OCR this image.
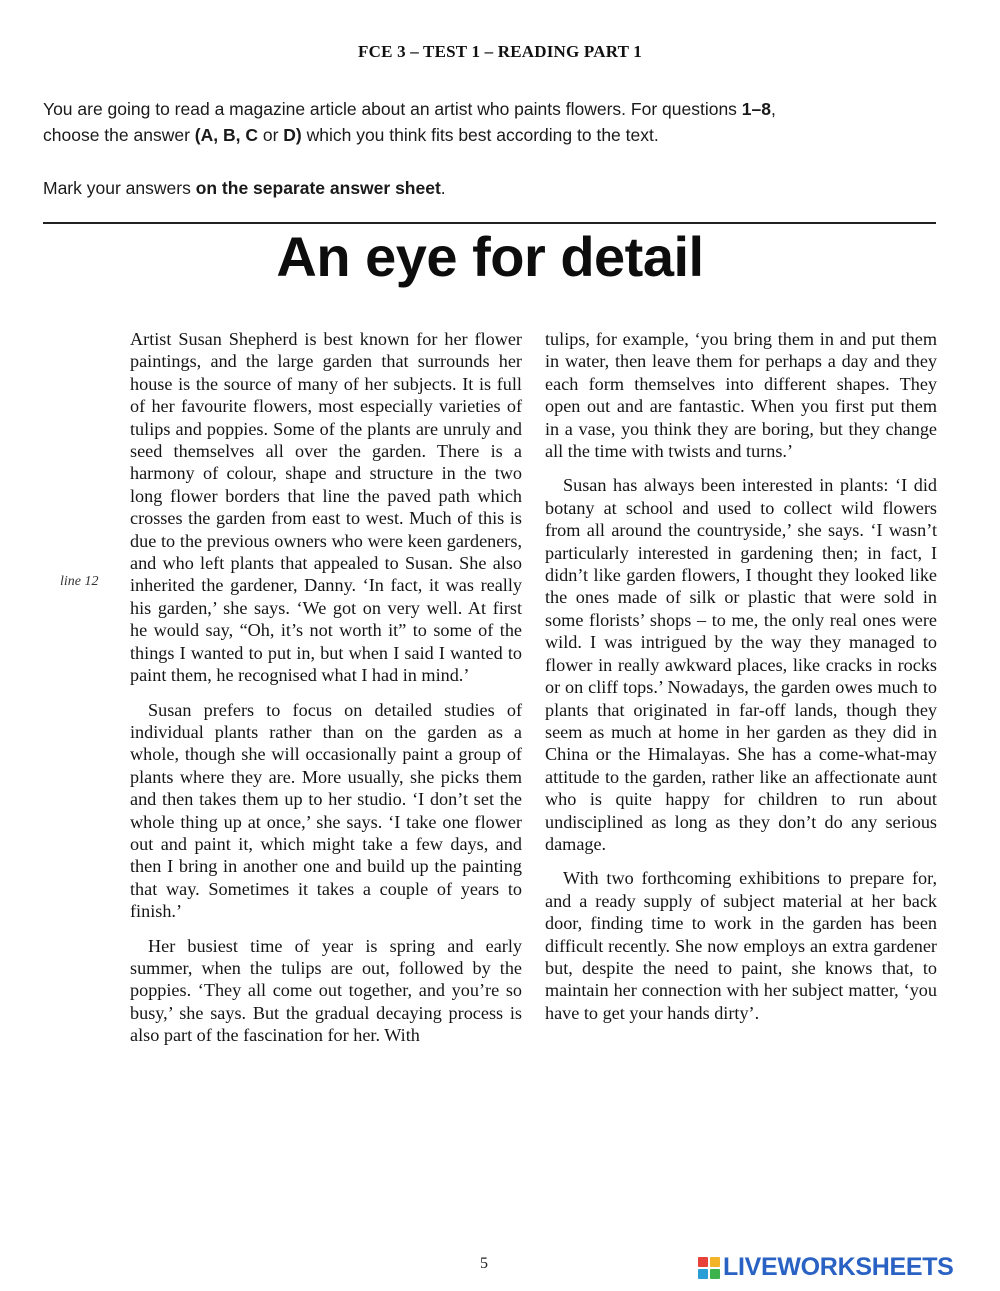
FCE 3 – TEST 1 – READING PART 1
You are going to read a magazine article about an artist who paints flowers. For questions 1–8,
choose the answer (A, B, C or D) which you think fits best according to the text.
Mark your answers on the separate answer sheet.
An eye for detail
line 12

Artist Susan Shepherd is best known for her flower paintings, and the large garden that surrounds her house is the source of many of her subjects. It is full of her favourite flowers, most especially varieties of tulips and poppies. Some of the plants are unruly and seed themselves all over the garden. There is a harmony of colour, shape and structure in the two long flower borders that line the paved path which crosses the garden from east to west. Much of this is due to the previous owners who were keen gardeners, and who left plants that appealed to Susan. She also inherited the gardener, Danny. ‘In fact, it was really his garden,’ she says. ‘We got on very well. At first he would say, “Oh, it’s not worth it” to some of the things I wanted to put in, but when I said I wanted to paint them, he recognised what I had in mind.’

Susan prefers to focus on detailed studies of individual plants rather than on the garden as a whole, though she will occasionally paint a group of plants where they are. More usually, she picks them and then takes them up to her studio. ‘I don’t set the whole thing up at once,’ she says. ‘I take one flower out and paint it, which might take a few days, and then I bring in another one and build up the painting that way. Sometimes it takes a couple of years to finish.’

Her busiest time of year is spring and early summer, when the tulips are out, followed by the poppies. ‘They all come out together, and you’re so busy,’ she says. But the gradual decaying process is also part of the fascination for her. With

tulips, for example, ‘you bring them in and put them in water, then leave them for perhaps a day and they each form themselves into different shapes. They open out and are fantastic. When you first put them in a vase, you think they are boring, but they change all the time with twists and turns.’

Susan has always been interested in plants: ‘I did botany at school and used to collect wild flowers from all around the countryside,’ she says. ‘I wasn’t particularly interested in gardening then; in fact, I didn’t like garden flowers, I thought they looked like the ones made of silk or plastic that were sold in some florists’ shops – to me, the only real ones were wild. I was intrigued by the way they managed to flower in really awkward places, like cracks in rocks or on cliff tops.’ Nowadays, the garden owes much to plants that originated in far-off lands, though they seem as much at home in her garden as they did in China or the Himalayas. She has a come-what-may attitude to the garden, rather like an affectionate aunt who is quite happy for children to run about undisciplined as long as they don’t do any serious damage.

With two forthcoming exhibitions to prepare for, and a ready supply of subject material at her back door, finding time to work in the garden has been difficult recently. She now employs an extra gardener but, despite the need to paint, she knows that, to maintain her connection with her subject matter, ‘you have to get your hands dirty’.

5	LIVEWORKSHEETS
